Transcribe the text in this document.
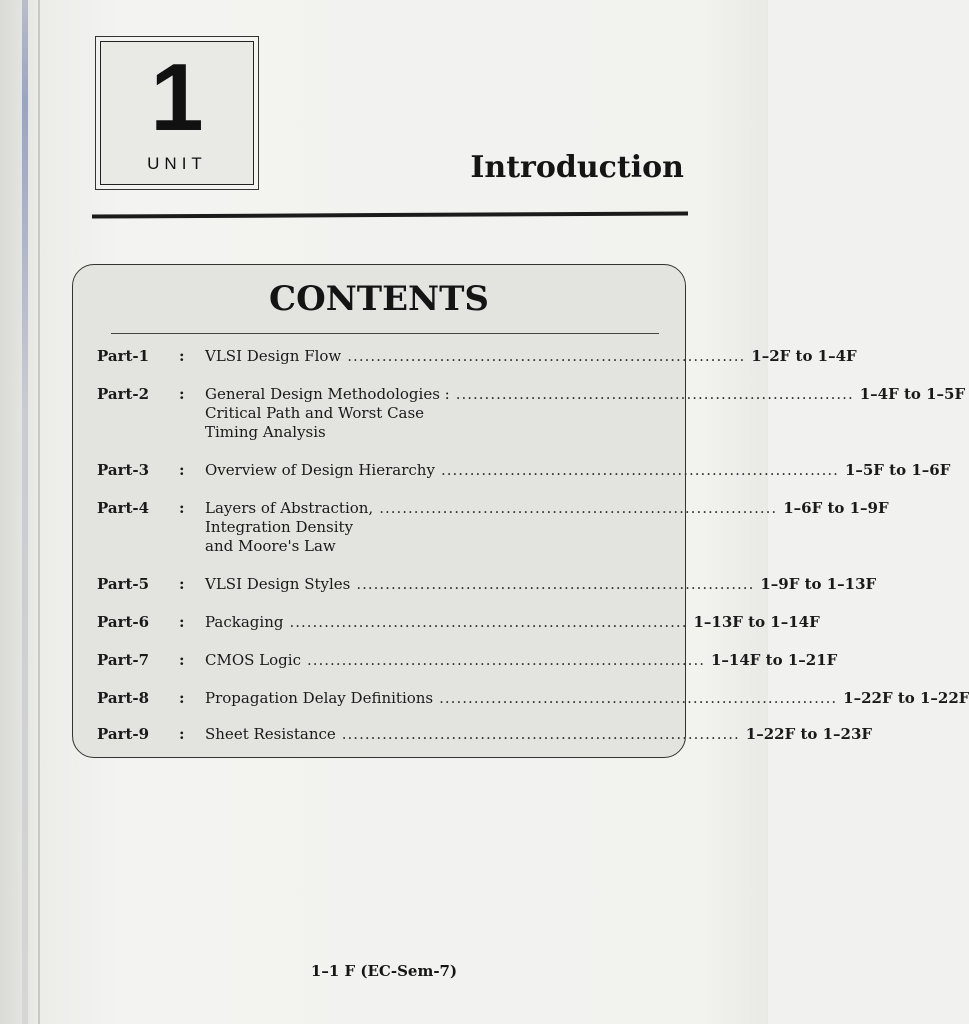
1
UNIT	Introduction
CONTENTS
Part-1	: VLSI Design Flow ..................................................................... 1–2F to 1–4F
Part-2	: General Design Methodologies : ..................................................................... 1–4F to 1–5F
Critical Path and Worst Case
Timing Analysis
Part-3	: Overview of Design Hierarchy ..................................................................... 1–5F to 1–6F
Part-4	: Layers of Abstraction, ..................................................................... 1–6F to 1–9F
Integration Density
and Moore's Law
Part-5	: VLSI Design Styles ..................................................................... 1–9F to 1–13F
Part-6	: Packaging ..................................................................... 1–13F to 1–14F
Part-7	: CMOS Logic ..................................................................... 1–14F to 1–21F
Part-8	: Propagation Delay Definitions ..................................................................... 1–22F to 1–22F
Part-9	: Sheet Resistance ..................................................................... 1–22F to 1–23F
1–1 F (EC-Sem-7)
